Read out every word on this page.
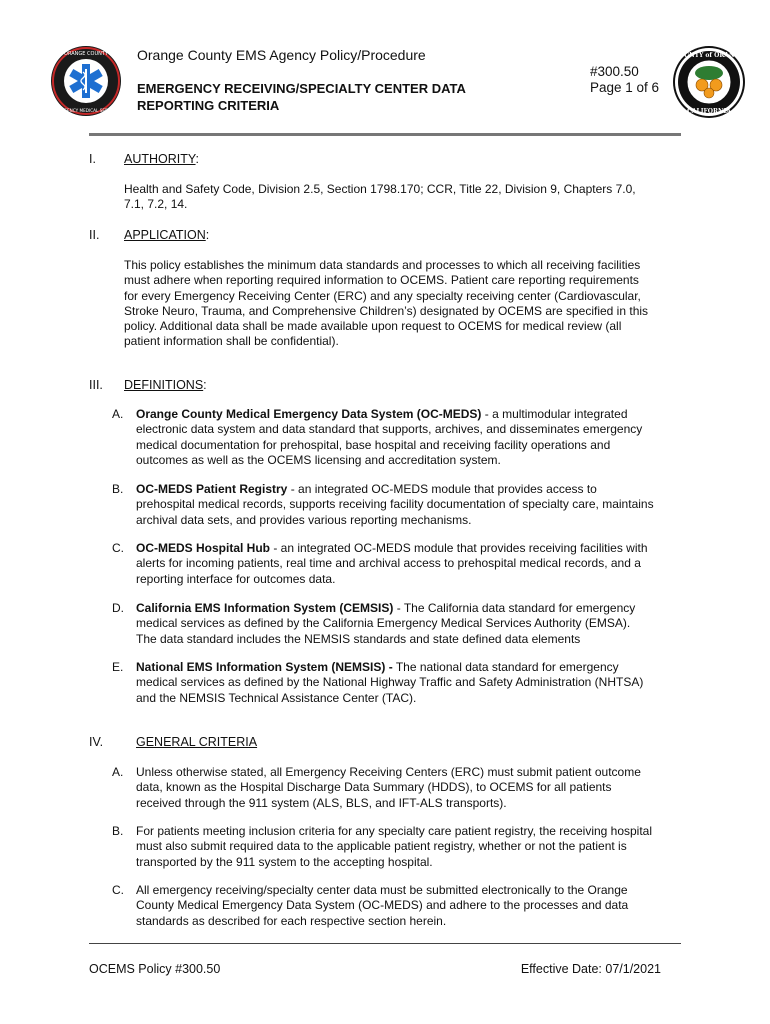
ORANGE COUNTY
EMERGENCY MEDICAL SERVICES
Orange County EMS Agency Policy/Procedure
EMERGENCY RECEIVING/SPECIALTY CENTER DATA
REPORTING CRITERIA
#300.50
Page 1 of 6
COUNTY of ORANGE
CALIFORNIA
I. AUTHORITY:
Health and Safety Code, Division 2.5, Section 1798.170; CCR, Title 22, Division 9, Chapters 7.0,
7.1, 7.2, 14.
II. APPLICATION:
This policy establishes the minimum data standards and processes to which all receiving facilities
must adhere when reporting required information to OCEMS. Patient care reporting requirements
for every Emergency Receiving Center (ERC) and any specialty receiving center (Cardiovascular,
Stroke Neuro, Trauma, and Comprehensive Children’s) designated by OCEMS are specified in this
policy. Additional data shall be made available upon request to OCEMS for medical review (all
patient information shall be confidential).
III. DEFINITIONS:
A. Orange County Medical Emergency Data System (OC-MEDS) - a multimodular integrated
electronic data system and data standard that supports, archives, and disseminates emergency
medical documentation for prehospital, base hospital and receiving facility operations and
outcomes as well as the OCEMS licensing and accreditation system.
B. OC-MEDS Patient Registry - an integrated OC-MEDS module that provides access to
prehospital medical records, supports receiving facility documentation of specialty care, maintains
archival data sets, and provides various reporting mechanisms.
C. OC-MEDS Hospital Hub - an integrated OC-MEDS module that provides receiving facilities with
alerts for incoming patients, real time and archival access to prehospital medical records, and a
reporting interface for outcomes data.
D. California EMS Information System (CEMSIS) - The California data standard for emergency
medical services as defined by the California Emergency Medical Services Authority (EMSA).
The data standard includes the NEMSIS standards and state defined data elements
E. National EMS Information System (NEMSIS) - The national data standard for emergency
medical services as defined by the National Highway Traffic and Safety Administration (NHTSA)
and the NEMSIS Technical Assistance Center (TAC).
IV.	GENERAL CRITERIA
A. Unless otherwise stated, all Emergency Receiving Centers (ERC) must submit patient outcome
data, known as the Hospital Discharge Data Summary (HDDS), to OCEMS for all patients
received through the 911 system (ALS, BLS, and IFT-ALS transports).
B. For patients meeting inclusion criteria for any specialty care patient registry, the receiving hospital
must also submit required data to the applicable patient registry, whether or not the patient is
transported by the 911 system to the accepting hospital.
C. All emergency receiving/specialty center data must be submitted electronically to the Orange
County Medical Emergency Data System (OC-MEDS) and adhere to the processes and data
standards as described for each respective section herein.
OCEMS Policy #300.50	Effective Date: 07/1/2021
